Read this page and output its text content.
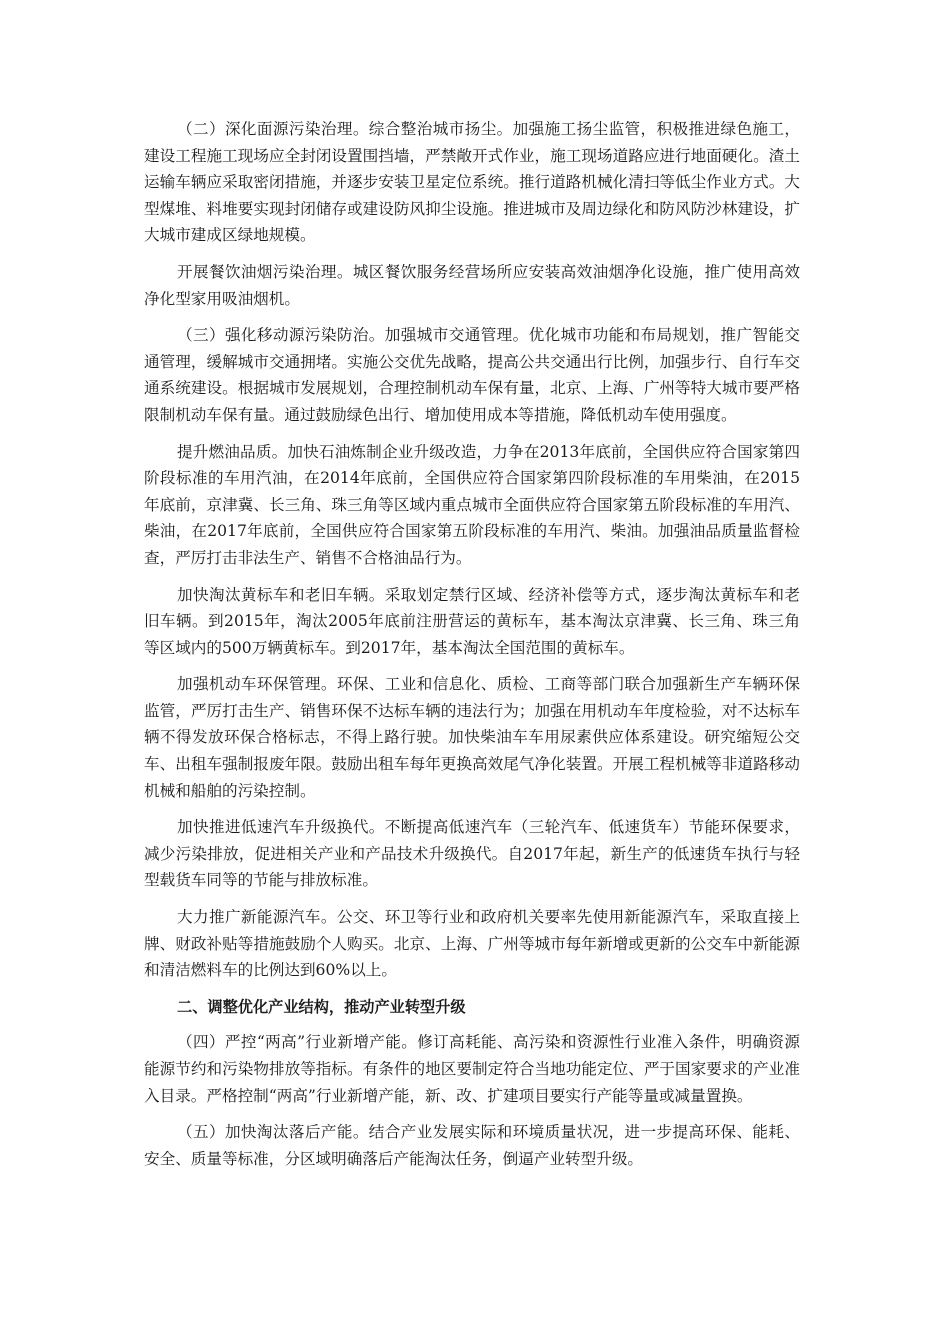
（二）深化面源污染治理。综合整治城市扬尘。加强施工扬尘监管，积极推进绿色施工，建设工程施工现场应全封闭设置围挡墙，严禁敞开式作业，施工现场道路应进行地面硬化。渣土运输车辆应采取密闭措施，并逐步安装卫星定位系统。推行道路机械化清扫等低尘作业方式。大型煤堆、料堆要实现封闭储存或建设防风抑尘设施。推进城市及周边绿化和防风防沙林建设，扩大城市建成区绿地规模。

开展餐饮油烟污染治理。城区餐饮服务经营场所应安装高效油烟净化设施，推广使用高效净化型家用吸油烟机。

（三）强化移动源污染防治。加强城市交通管理。优化城市功能和布局规划，推广智能交通管理，缓解城市交通拥堵。实施公交优先战略，提高公共交通出行比例，加强步行、自行车交通系统建设。根据城市发展规划，合理控制机动车保有量，北京、上海、广州等特大城市要严格限制机动车保有量。通过鼓励绿色出行、增加使用成本等措施，降低机动车使用强度。

提升燃油品质。加快石油炼制企业升级改造，力争在2013年底前，全国供应符合国家第四阶段标准的车用汽油，在2014年底前，全国供应符合国家第四阶段标准的车用柴油，在2015年底前，京津冀、长三角、珠三角等区域内重点城市全面供应符合国家第五阶段标准的车用汽、柴油，在2017年底前，全国供应符合国家第五阶段标准的车用汽、柴油。加强油品质量监督检查，严厉打击非法生产、销售不合格油品行为。

加快淘汰黄标车和老旧车辆。采取划定禁行区域、经济补偿等方式，逐步淘汰黄标车和老旧车辆。到2015年，淘汰2005年底前注册营运的黄标车，基本淘汰京津冀、长三角、珠三角等区域内的500万辆黄标车。到2017年，基本淘汰全国范围的黄标车。

加强机动车环保管理。环保、工业和信息化、质检、工商等部门联合加强新生产车辆环保监管，严厉打击生产、销售环保不达标车辆的违法行为；加强在用机动车年度检验，对不达标车辆不得发放环保合格标志，不得上路行驶。加快柴油车车用尿素供应体系建设。研究缩短公交车、出租车强制报废年限。鼓励出租车每年更换高效尾气净化装置。开展工程机械等非道路移动机械和船舶的污染控制。

加快推进低速汽车升级换代。不断提高低速汽车（三轮汽车、低速货车）节能环保要求，减少污染排放，促进相关产业和产品技术升级换代。自2017年起，新生产的低速货车执行与轻型载货车同等的节能与排放标准。

大力推广新能源汽车。公交、环卫等行业和政府机关要率先使用新能源汽车，采取直接上牌、财政补贴等措施鼓励个人购买。北京、上海、广州等城市每年新增或更新的公交车中新能源和清洁燃料车的比例达到60%以上。

二、调整优化产业结构，推动产业转型升级

（四）严控“两高”行业新增产能。修订高耗能、高污染和资源性行业准入条件，明确资源能源节约和污染物排放等指标。有条件的地区要制定符合当地功能定位、严于国家要求的产业准入目录。严格控制“两高”行业新增产能，新、改、扩建项目要实行产能等量或减量置换。

（五）加快淘汰落后产能。结合产业发展实际和环境质量状况，进一步提高环保、能耗、安全、质量等标准，分区域明确落后产能淘汰任务，倒逼产业转型升级。
